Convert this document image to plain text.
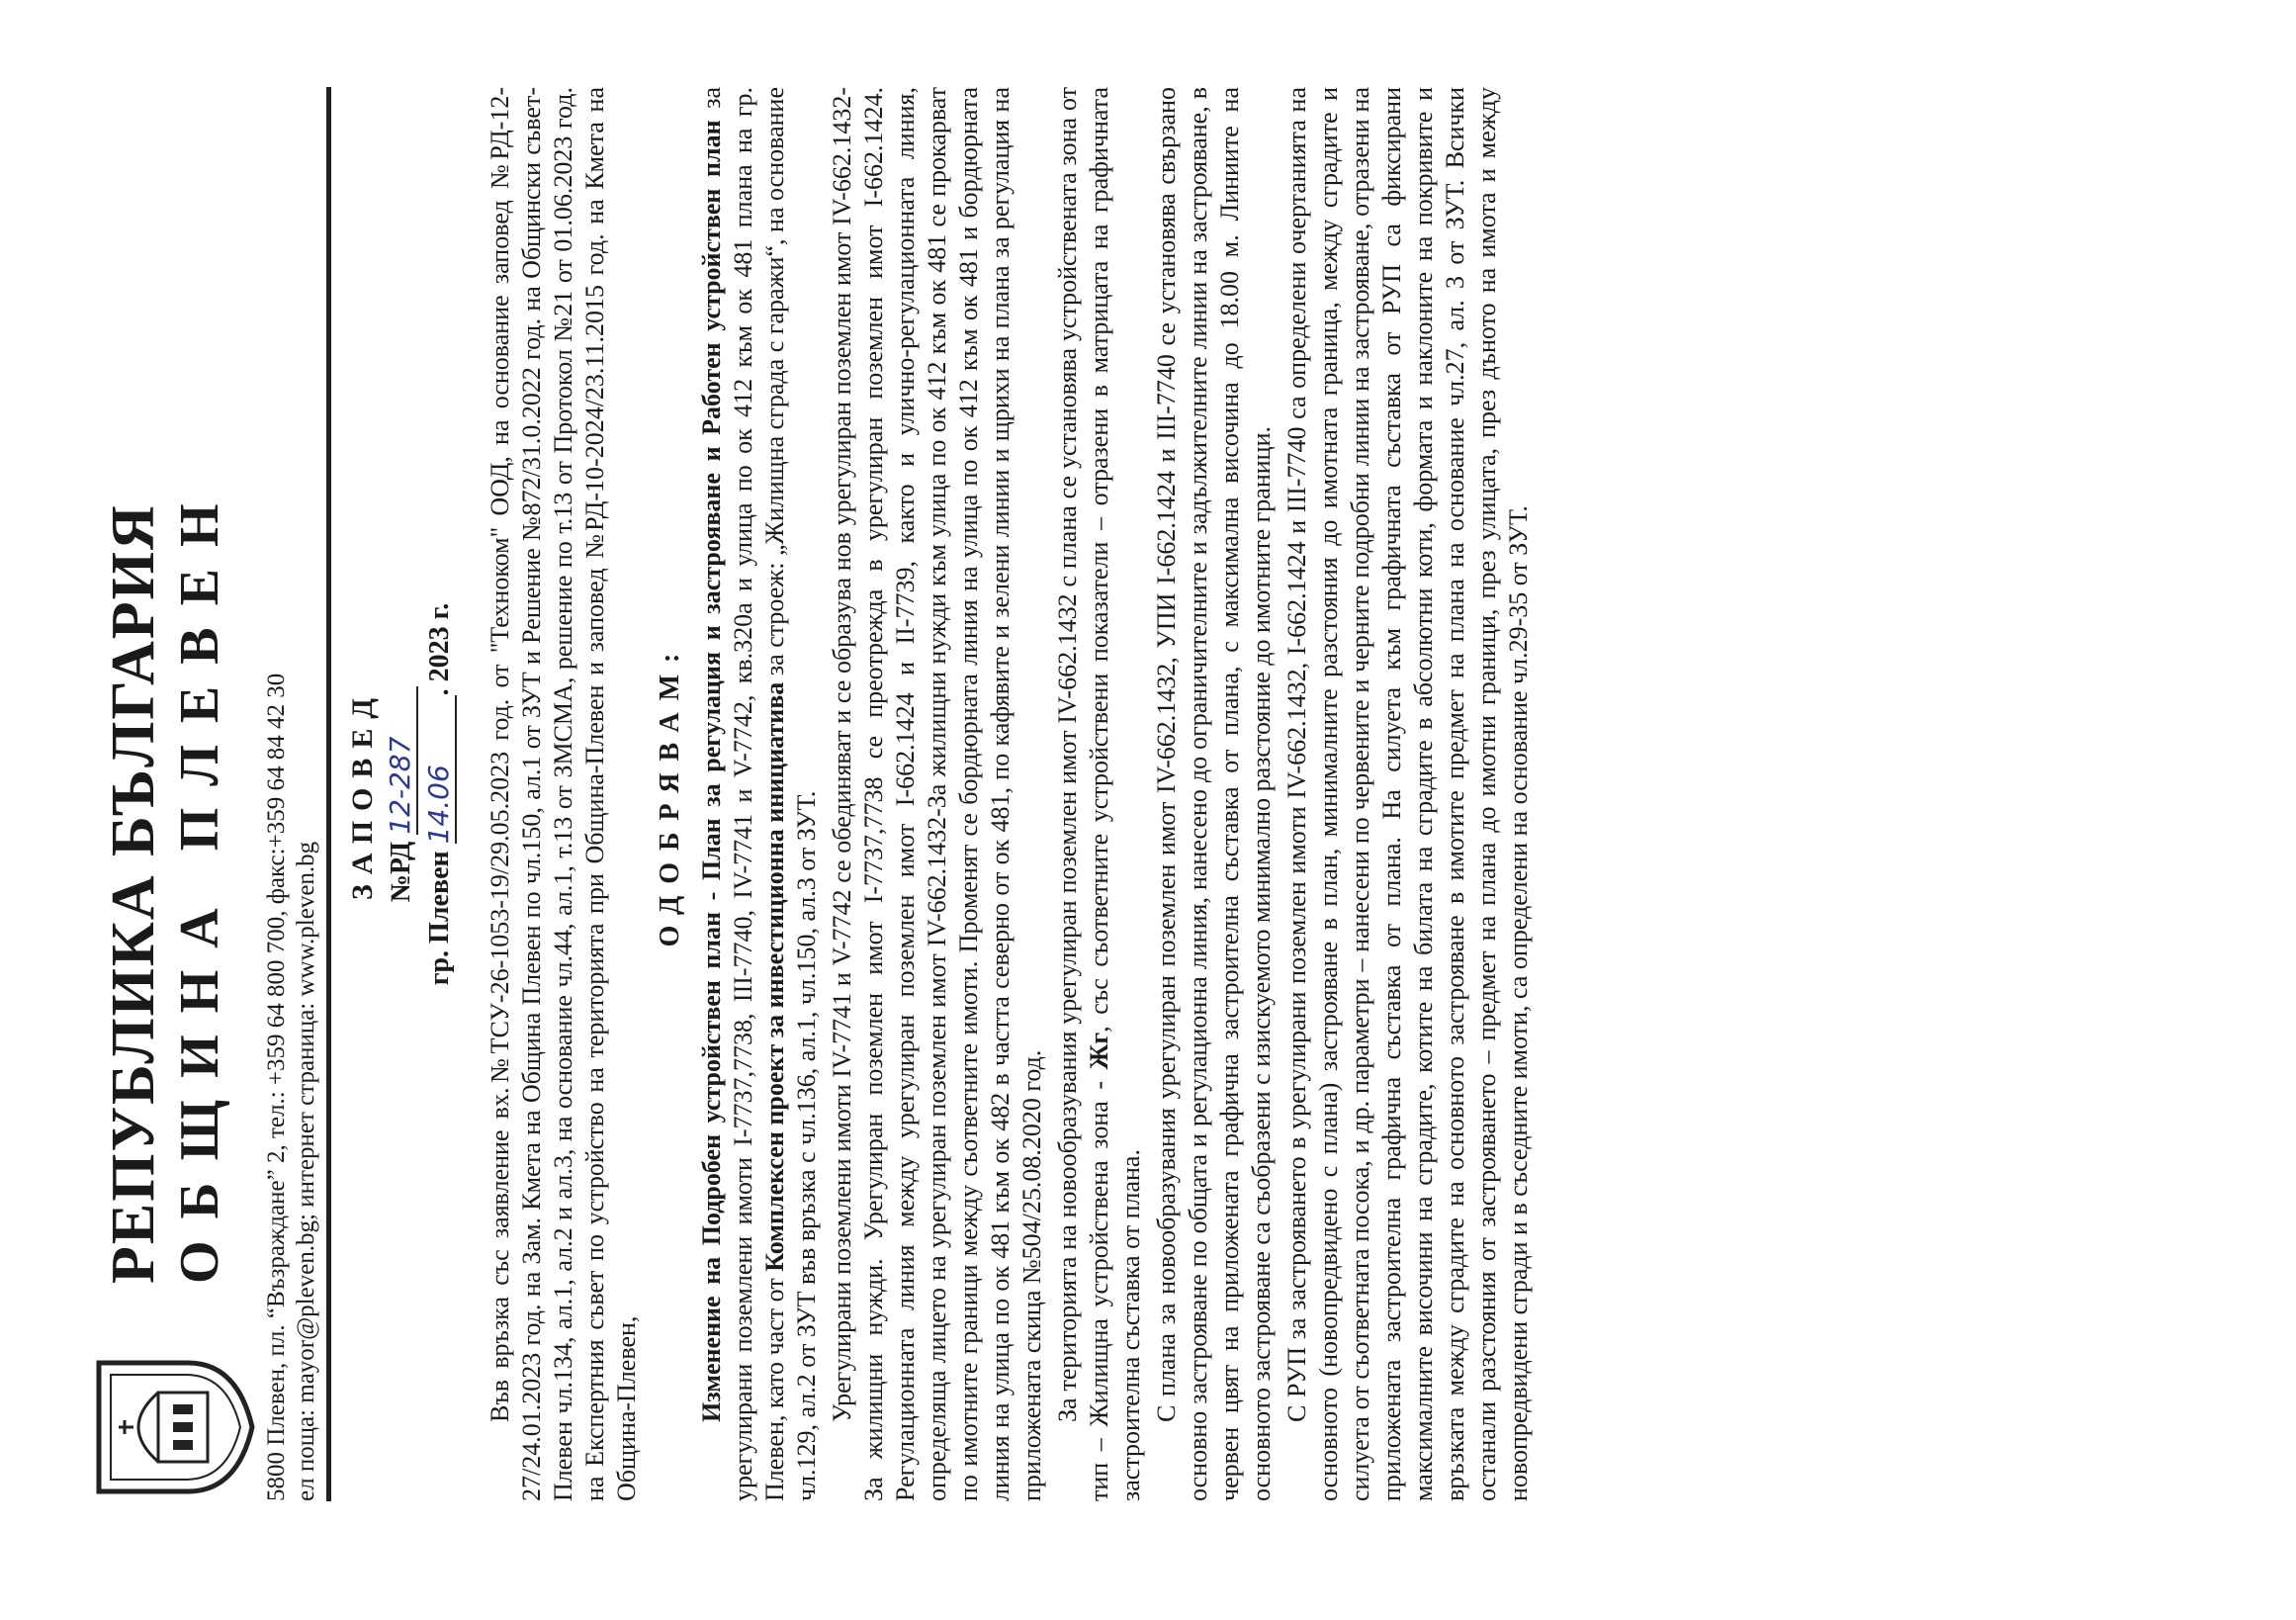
РЕПУБЛИКА БЪЛГАРИЯ ОБЩИНА ПЛЕВЕН 5800 Плевен, пл. “Възраждане” 2, тел.: +359 64 800 700, факс:+359 64 84 42 30 ел поща: mayor@pleven.bg; интернет страница: www.pleven.bg
ЗАПОВЕД №РД 12-287
гр. Плевен 14.06. 2023 г. Във връзка със заявление вх.№ТСУ-26-1053-19/29.05.2023 год. от "Техноком" ООД, на основание заповед №РД-12-27/24.01.2023 год. на Зам. Кмета на Община Плевен по чл.150, ал.1 от ЗУТ и Решение №872/31.0.2022 год. на Общински съвет-Плевен чл.134, ал.1, ал.2 и ал.3, на основание чл.44, ал.1, т.13 от ЗМСМА, решение по т.13 от Протокол №21 от 01.06.2023 год. на Експертния съвет по устройство на територията при Община-Плевен и заповед №РД-10-2024/23.11.2015 год. на Кмета на Община-Плевен,

ОДОБРЯВАМ: Изменение на Подробен устройствен план - План за регулация и застрояване и Работен устройствен план за урегулирани поземлени имоти I-7737,7738, III-7740, IV-7741 и V-7742, кв.320а и улица по ок 412 към ок 481 плана на гр. Плевен, като част от Комплексен проект за инвестиционна инициатива за строеж: „Жилищна сграда с гаражи“, на основание чл.129, ал.2 от ЗУТ във връзка с чл.136, ал.1, чл.150, ал.3 от ЗУТ. Урегулирани поземлени имоти IV-7741 и V-7742 се обединяват и се образува нов урегулиран поземлен имот IV-662.1432-За жилищни нужди. Урегулиран поземлен имот I-7737,7738 се преотрежда в урегулиран поземлен имот I-662.1424. Регулационната линия между урегулиран поземлен имот I-662.1424 и II-7739, както и улично-регулационната линия, определяща лицето на урегулиран поземлен имот IV-662.1432-За жилищни нужди към улица по ок 412 към ок 481 се прокарват по имотните граници между съответните имоти. Променят се бордюрната линия на улица по ок 412 към ок 481 и бордюрната линия на улица по ок 481 към ок 482 в частта северно от ок 481, по кафявите и зелени линии и щрихи на плана за регулация на приложената скица №504/25.08.2020 год. За територията на новообразувания урегулиран поземлен имот IV-662.1432 с плана се установява устройствената зона от тип – Жилищна устройствена зона - Жг, със съответните устройствени показатели – отразени в матрицата на графичната застроителна съставка от плана. С плана за новообразувания урегулиран поземлен имот IV-662.1432, УПИ I-662.1424 и III-7740 се установява свързано основно застрояване по общата и регулационна линия, нанесено до ограничителните и задължителните линии на застрояване, в червен цвят на приложената графична застроителна съставка от плана, с максимална височина до 18.00 м. Линиите на основното застрояване са съобразени с изискуемото минимално разстояние до имотните граници. С РУП за застрояването в урегулирани поземлен имоти IV-662.1432, I-662.1424 и III-7740 са определени очертанията на основното (новопредвидено с плана) застрояване в план, минималните разстояния до имотната граница, между сградите и силуета от съответната посока, и др. параметри – нанесени по червените и черните подробни линии на застрояване, отразени на приложената застроителна графична съставка от плана. На силуета към графичната съставка от РУП са фиксирани максималните височини на сградите, котите на билата на сградите в абсолютни коти, формата и наклоните на покривите и връзката между сградите на основното застрояване в имотите предмет на плана на основание чл.27, ал. 3 от ЗУТ. Всички останали разстояния от застрояването – предмет на плана до имотни граници, през улицата, през дъното на имота и между новопредвидени сгради и в съседните имоти, са определени на основание чл.29-35 от ЗУТ.
